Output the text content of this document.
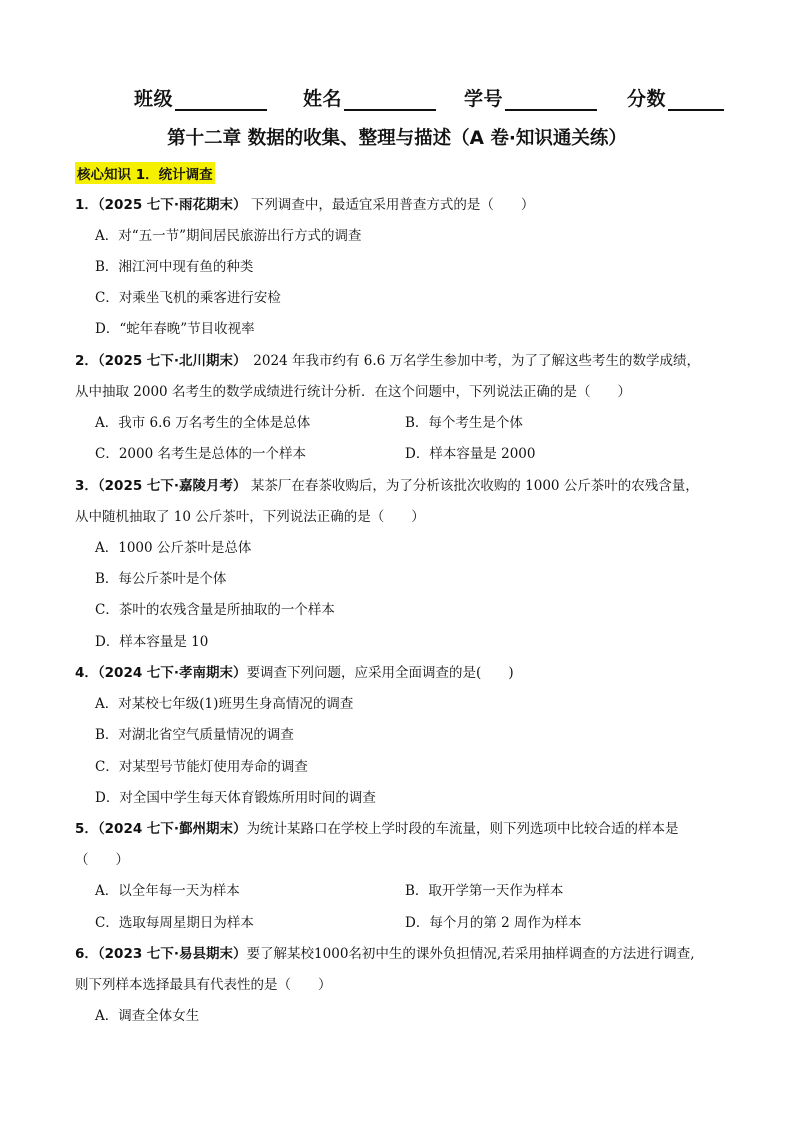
班级	姓名	学号	分数
第十二章 数据的收集、整理与描述（A 卷·知识通关练）
核心知识 1．统计调查
1．（2025 七下·雨花期末） 下列调查中，最适宜采用普查方式的是（　　）
A．对“五一节”期间居民旅游出行方式的调查
B．湘江河中现有鱼的种类
C．对乘坐飞机的乘客进行安检
D．“蛇年春晚”节目收视率
2．（2025 七下·北川期末）　2024 年我市约有 6.6 万名学生参加中考，为了了解这些考生的数学成绩，
从中抽取 2000 名考生的数学成绩进行统计分析．在这个问题中，下列说法正确的是（　　）
A．我市 6.6 万名考生的全体是总体	B．每个考生是个体
C．2000 名考生是总体的一个样本	D．样本容量是 2000
3．（2025 七下·嘉陵月考） 某茶厂在春茶收购后，为了分析该批次收购的 1000 公斤茶叶的农残含量，
从中随机抽取了 10 公斤茶叶，下列说法正确的是（　　）
A．1000 公斤茶叶是总体
B．每公斤茶叶是个体
C．茶叶的农残含量是所抽取的一个样本
D．样本容量是 10
4．（2024 七下·孝南期末）要调查下列问题，应采用全面调查的是(　　)
A．对某校七年级(1)班男生身高情况的调查
B．对湖北省空气质量情况的调查
C．对某型号节能灯使用寿命的调查
D．对全国中学生每天体育锻炼所用时间的调查
5．（2024 七下·鄞州期末）为统计某路口在学校上学时段的车流量，则下列选项中比较合适的样本是
（　　）
A．以全年每一天为样本	B．取开学第一天作为样本
C．选取每周星期日为样本	D．每个月的第 2 周作为样本
6．（2023 七下·易县期末）要了解某校1000名初中生的课外负担情况,若采用抽样调查的方法进行调查,
则下列样本选择最具有代表性的是（　　）
A．调查全体女生
